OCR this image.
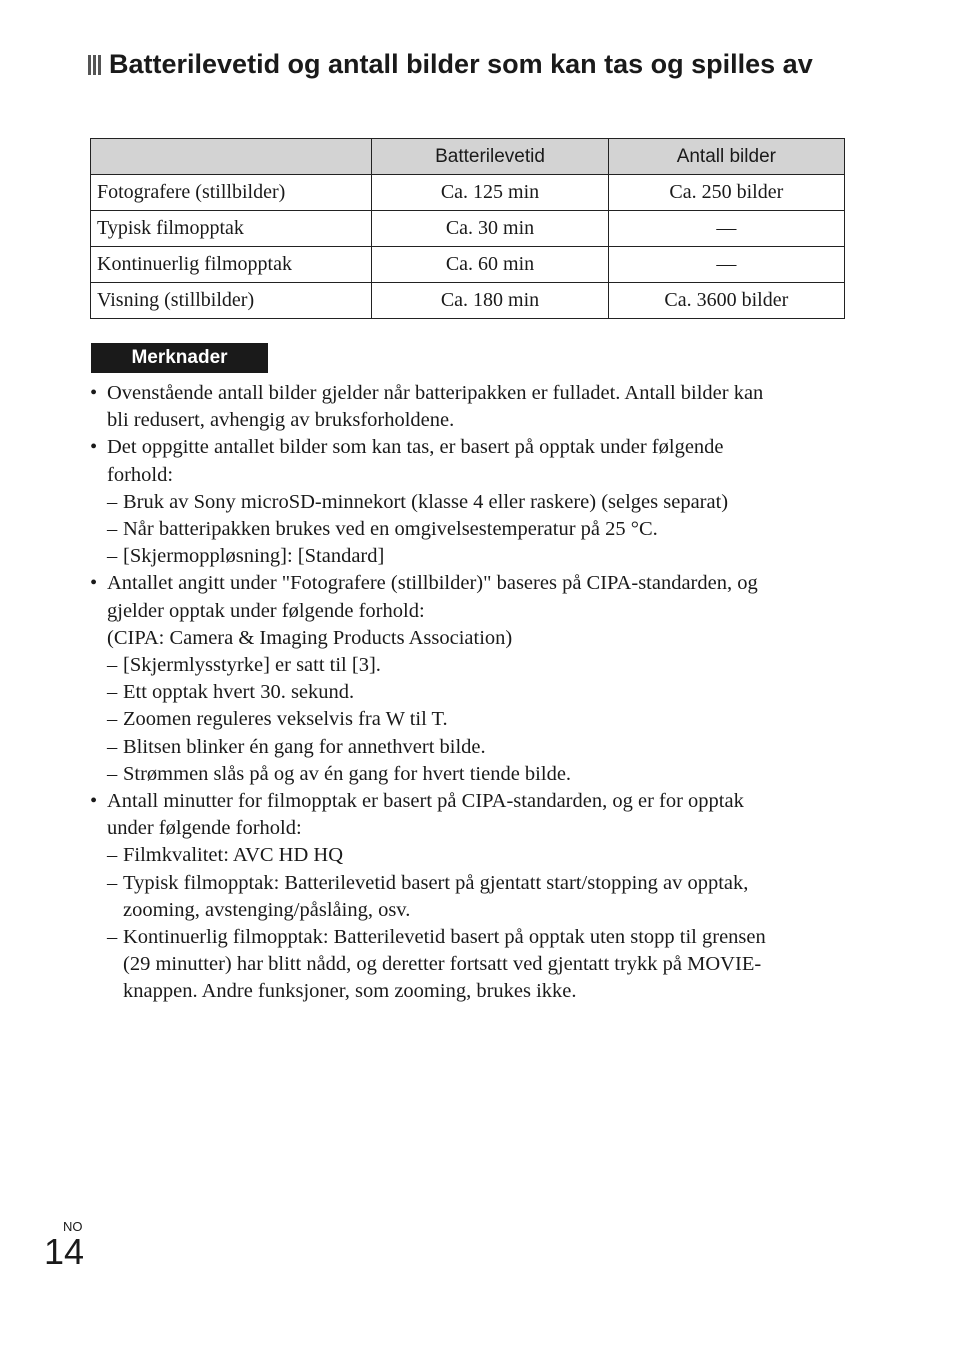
Batterilevetid og antall bilder som kan tas og spilles av
	Batterilevetid	Antall bilder
Fotografere (stillbilder)	Ca. 125 min	Ca. 250 bilder
Typisk filmopptak	Ca. 30 min	—
Kontinuerlig filmopptak	Ca. 60 min	—
Visning (stillbilder)	Ca. 180 min	Ca. 3600 bilder
Merknader
• Ovenstående antall bilder gjelder når batteripakken er fulladet. Antall bilder kan
bli redusert, avhengig av bruksforholdene.
• Det oppgitte antallet bilder som kan tas, er basert på opptak under følgende
forhold:
– Bruk av Sony microSD-minnekort (klasse 4 eller raskere) (selges separat)
– Når batteripakken brukes ved en omgivelsestemperatur på 25 °C.
– [Skjermoppløsning]: [Standard]
• Antallet angitt under "Fotografere (stillbilder)" baseres på CIPA-standarden, og
gjelder opptak under følgende forhold:
(CIPA: Camera & Imaging Products Association)
– [Skjermlysstyrke] er satt til [3].
– Ett opptak hvert 30. sekund.
– Zoomen reguleres vekselvis fra W til T.
– Blitsen blinker én gang for annethvert bilde.
– Strømmen slås på og av én gang for hvert tiende bilde.
• Antall minutter for filmopptak er basert på CIPA-standarden, og er for opptak
under følgende forhold:
– Filmkvalitet: AVC HD HQ
– Typisk filmopptak: Batterilevetid basert på gjentatt start/stopping av opptak,
zooming, avstenging/påslåing, osv.
– Kontinuerlig filmopptak: Batterilevetid basert på opptak uten stopp til grensen
(29 minutter) har blitt nådd, og deretter fortsatt ved gjentatt trykk på MOVIE-
knappen. Andre funksjoner, som zooming, brukes ikke.
NO
14
